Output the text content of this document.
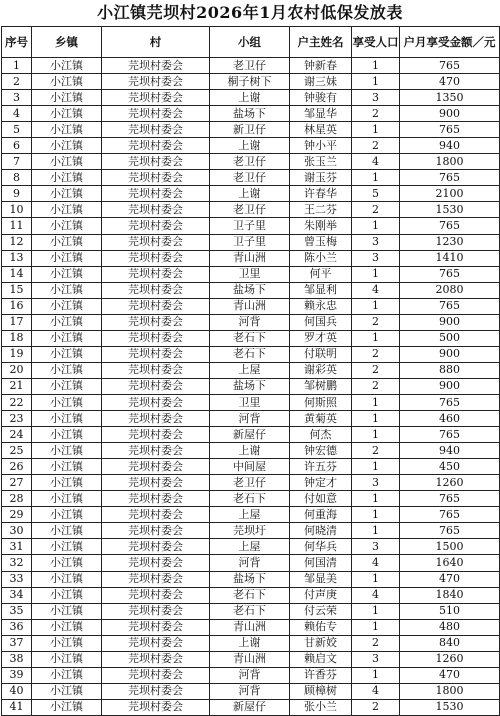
小江镇芫坝村2026年1月农村低保发放表
序号	乡镇	村	小组	户主姓名	享受人口	户月享受金额／元
1	小江镇	芫坝村委会	老卫仔	钟新春	1	765
2	小江镇	芫坝村委会	桐子树下	谢三妹	1	470
3	小江镇	芫坝村委会	上谢	钟骏有	3	1350
4	小江镇	芫坝村委会	盐场下	邹显华	2	900
5	小江镇	芫坝村委会	新卫仔	林星英	1	765
6	小江镇	芫坝村委会	上谢	钟小平	2	940
7	小江镇	芫坝村委会	老卫仔	张玉兰	4	1800
8	小江镇	芫坝村委会	老卫仔	谢玉芬	1	765
9	小江镇	芫坝村委会	上谢	许春华	5	2100
10	小江镇	芫坝村委会	老卫仔	王二芬	2	1530
11	小江镇	芫坝村委会	卫子里	朱刚举	1	765
12	小江镇	芫坝村委会	卫子里	曾玉梅	3	1230
13	小江镇	芫坝村委会	青山洲	陈小兰	3	1410
14	小江镇	芫坝村委会	卫里	何平	1	765
15	小江镇	芫坝村委会	盐场下	邹显利	4	2080
16	小江镇	芫坝村委会	青山洲	赖永忠	1	765
17	小江镇	芫坝村委会	河背	何国兵	2	900
18	小江镇	芫坝村委会	老石下	罗才英	1	500
19	小江镇	芫坝村委会	老石下	付联明	2	900
20	小江镇	芫坝村委会	上屋	谢彩英	2	880
21	小江镇	芫坝村委会	盐场下	邹树鹏	2	900
22	小江镇	芫坝村委会	卫里	何斯照	1	765
23	小江镇	芫坝村委会	河背	黄菊英	1	460
24	小江镇	芫坝村委会	新屋仔	何杰	1	765
25	小江镇	芫坝村委会	上谢	钟宏德	2	940
26	小江镇	芫坝村委会	中间屋	许五芬	1	450
27	小江镇	芫坝村委会	老卫仔	钟定才	3	1260
28	小江镇	芫坝村委会	老石下	付如意	1	765
29	小江镇	芫坝村委会	上屋	何重海	1	765
30	小江镇	芫坝村委会	芫坝圩	何晓清	1	765
31	小江镇	芫坝村委会	上屋	何华兵	3	1500
32	小江镇	芫坝村委会	河背	何国清	4	1640
33	小江镇	芫坝村委会	盐场下	邹显美	1	470
34	小江镇	芫坝村委会	老石下	付声庚	4	1840
35	小江镇	芫坝村委会	老石下	付云荣	1	510
36	小江镇	芫坝村委会	青山洲	赖佑专	1	480
37	小江镇	芫坝村委会	上谢	甘新姣	2	840
38	小江镇	芫坝村委会	青山洲	赖启文	3	1260
39	小江镇	芫坝村委会	河背	许香芬	1	470
40	小江镇	芫坝村委会	河背	顾樟树	4	1800
41	小江镇	芫坝村委会	新屋仔	张小兰	2	1530
